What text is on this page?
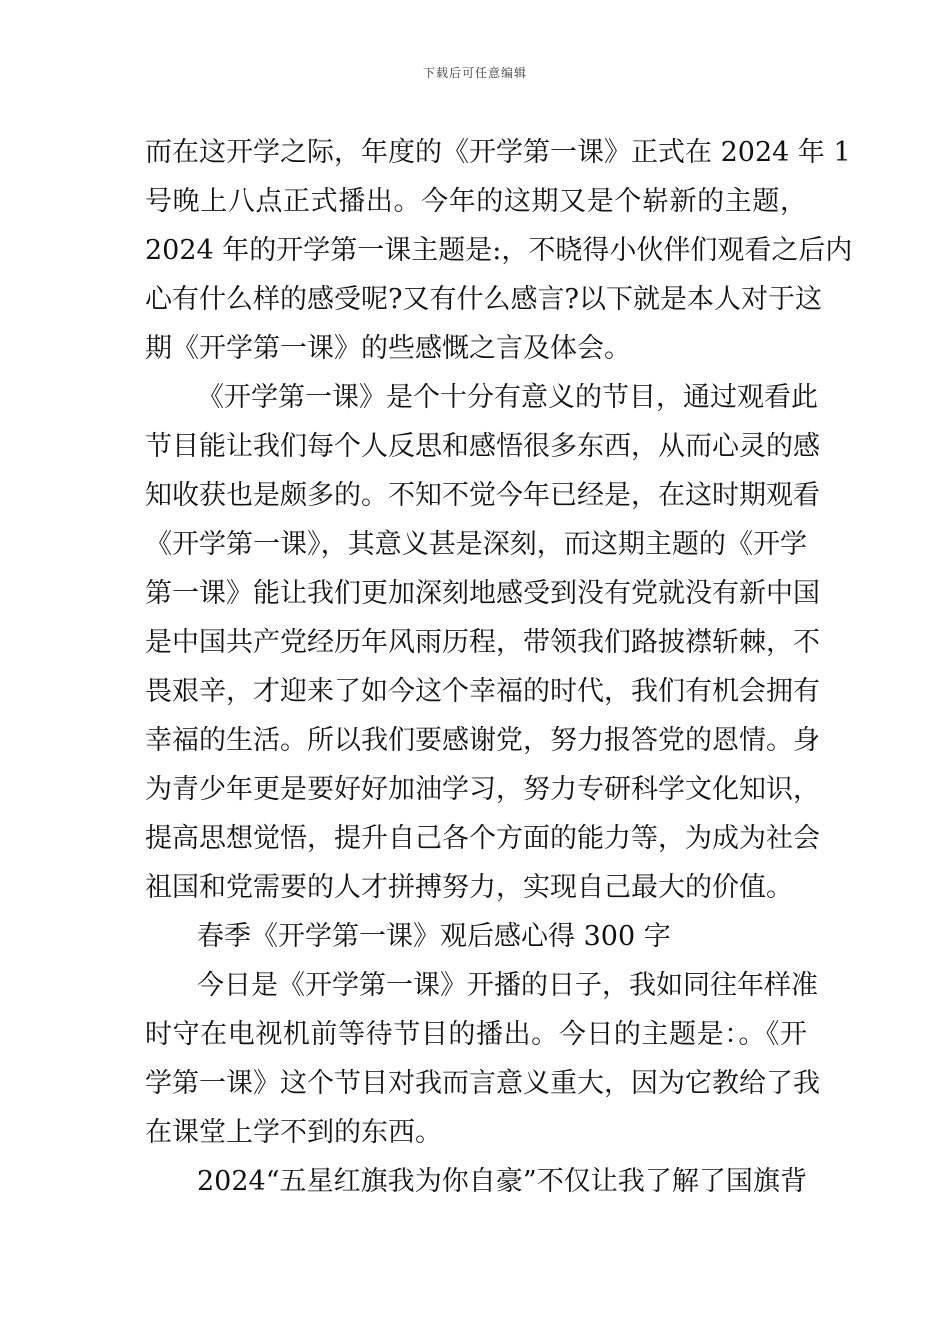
下载后可任意编辑
而在这开学之际，年度的《开学第一课》正式在 2024 年 1
号晚上八点正式播出。今年的这期又是个崭新的主题，
2024 年的开学第一课主题是:，不晓得小伙伴们观看之后内
心有什么样的感受呢?又有什么感言?以下就是本人对于这
期《开学第一课》的些感慨之言及体会。
《开学第一课》是个十分有意义的节目，通过观看此
节目能让我们每个人反思和感悟很多东西，从而心灵的感
知收获也是颇多的。不知不觉今年已经是，在这时期观看
《开学第一课》，其意义甚是深刻，而这期主题的《开学
第一课》能让我们更加深刻地感受到没有党就没有新中国
是中国共产党经历年风雨历程，带领我们路披襟斩棘，不
畏艰辛，才迎来了如今这个幸福的时代，我们有机会拥有
幸福的生活。所以我们要感谢党，努力报答党的恩情。身
为青少年更是要好好加油学习，努力专研科学文化知识，
提高思想觉悟，提升自己各个方面的能力等，为成为社会
祖国和党需要的人才拼搏努力，实现自己最大的价值。
春季《开学第一课》观后感心得 300 字
今日是《开学第一课》开播的日子，我如同往年样准
时守在电视机前等待节目的播出。今日的主题是：。《开
学第一课》这个节目对我而言意义重大，因为它教给了我
在课堂上学不到的东西。
2024“五星红旗我为你自豪”不仅让我了解了国旗背
